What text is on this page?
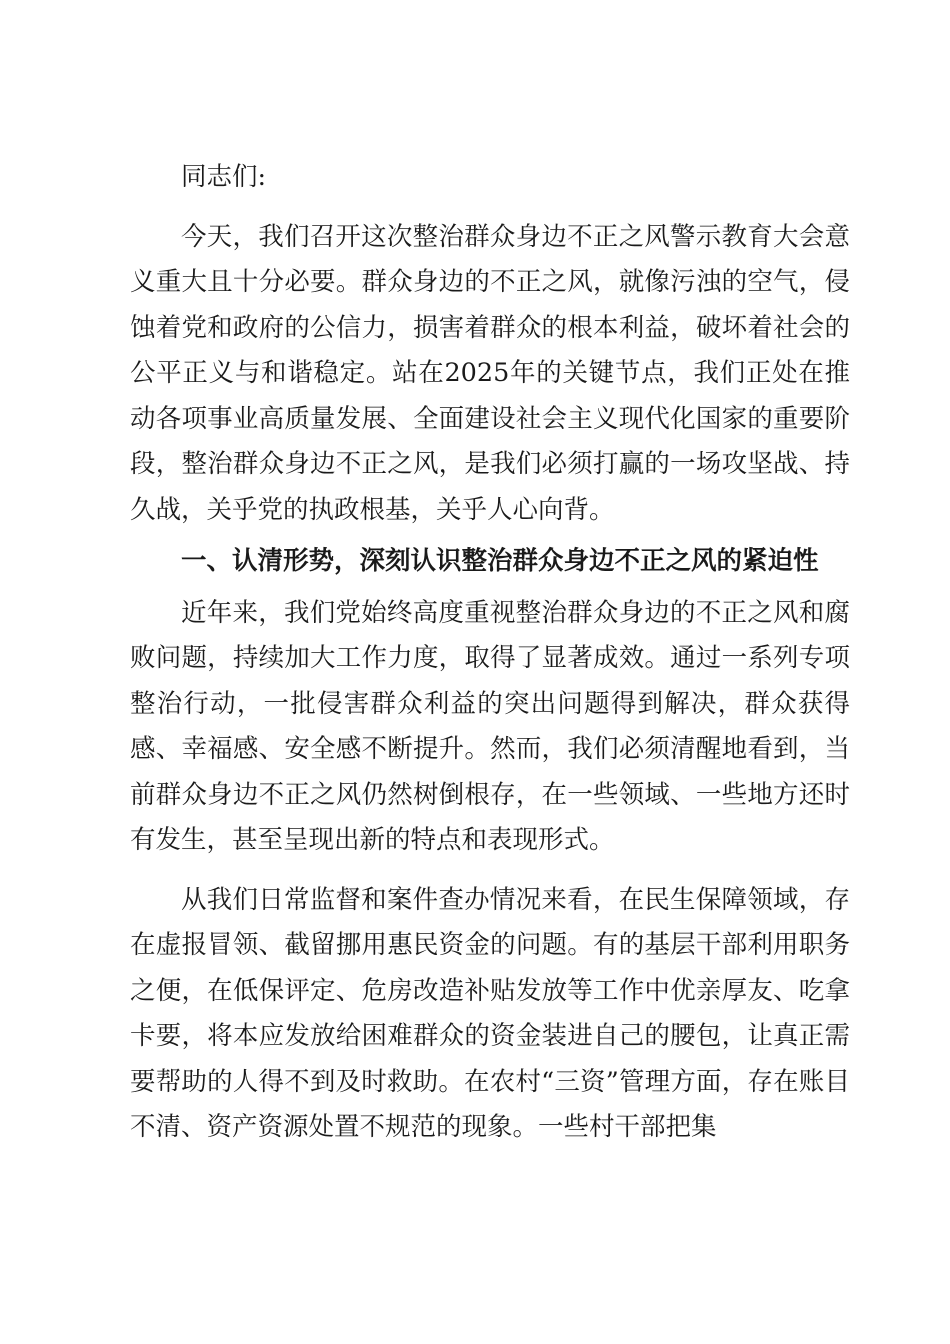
同志们:

今天，我们召开这次整治群众身边不正之风警示教育大会意义重大且十分必要。群众身边的不正之风，就像污浊的空气，侵蚀着党和政府的公信力，损害着群众的根本利益，破坏着社会的公平正义与和谐稳定。站在2025年的关键节点，我们正处在推动各项事业高质量发展、全面建设社会主义现代化国家的重要阶段，整治群众身边不正之风，是我们必须打赢的一场攻坚战、持久战，关乎党的执政根基，关乎人心向背。

一、认清形势，深刻认识整治群众身边不正之风的紧迫性

近年来，我们党始终高度重视整治群众身边的不正之风和腐败问题，持续加大工作力度，取得了显著成效。通过一系列专项整治行动，一批侵害群众利益的突出问题得到解决，群众获得感、幸福感、安全感不断提升。然而，我们必须清醒地看到，当前群众身边不正之风仍然树倒根存，在一些领域、一些地方还时有发生，甚至呈现出新的特点和表现形式。

从我们日常监督和案件查办情况来看，在民生保障领域，存在虚报冒领、截留挪用惠民资金的问题。有的基层干部利用职务之便，在低保评定、危房改造补贴发放等工作中优亲厚友、吃拿卡要，将本应发放给困难群众的资金装进自己的腰包，让真正需要帮助的人得不到及时救助。在农村“三资”管理方面，存在账目不清、资产资源处置不规范的现象。一些村干部把集
